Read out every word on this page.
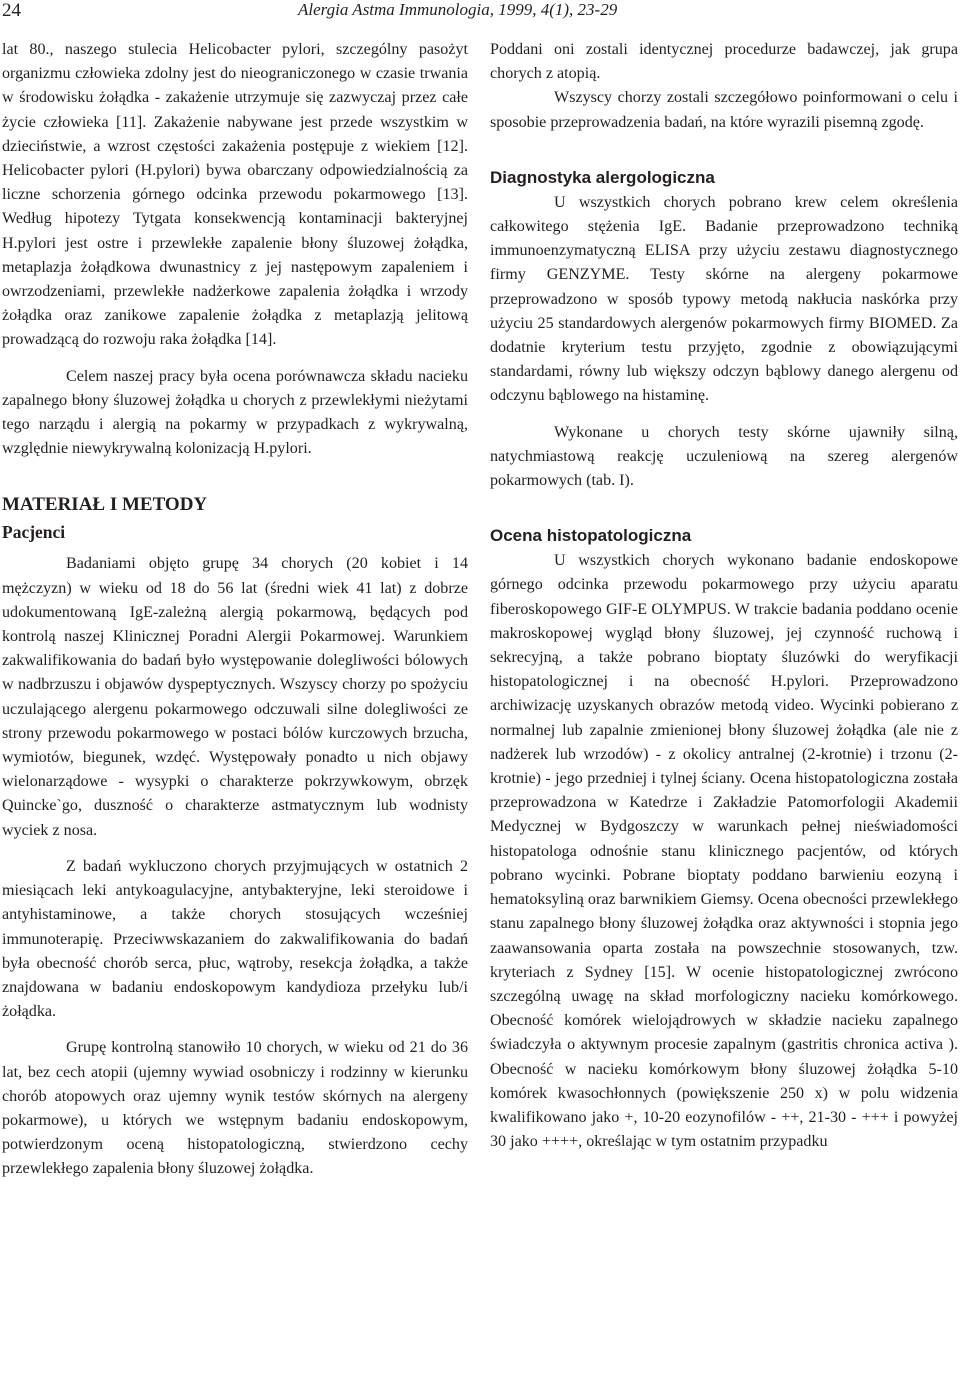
24	Alergia Astma Immunologia, 1999, 4(1), 23-29

lat 80., naszego stulecia Helicobacter pylori, szczególny pasożyt organizmu człowieka zdolny jest do nieograniczonego w czasie trwania w środowisku żołądka - zakażenie utrzymuje się zazwyczaj przez całe życie człowieka [11]. Zakażenie nabywane jest przede wszystkim w dzieciństwie, a wzrost częstości zakażenia postępuje z wiekiem [12]. Helicobacter pylori (H.pylori) bywa obarczany odpowiedzialnością za liczne schorzenia górnego odcinka przewodu pokarmowego [13]. Według hipotezy Tytgata konsekwencją kontaminacji bakteryjnej H.pylori jest ostre i przewlekłe zapalenie błony śluzowej żołądka, metaplazja żołądkowa dwunastnicy z jej następowym zapaleniem i owrzodzeniami, przewlekłe nadżerkowe zapalenia żołądka i wrzody żołądka oraz zanikowe zapalenie żołądka z metaplazją jelitową prowadzącą do rozwoju raka żołądka [14].

Celem naszej pracy była ocena porównawcza składu nacieku zapalnego błony śluzowej żołądka u chorych z przewlekłymi nieżytami tego narządu i alergią na pokarmy w przypadkach z wykrywalną, względnie niewykrywalną kolonizacją H.pylori.

MATERIAŁ I METODY
Pacjenci

Badaniami objęto grupę 34 chorych (20 kobiet i 14 mężczyzn) w wieku od 18 do 56 lat (średni wiek 41 lat) z dobrze udokumentowaną IgE-zależną alergią pokarmową, będących pod kontrolą naszej Klinicznej Poradni Alergii Pokarmowej. Warunkiem zakwalifikowania do badań było występowanie dolegliwości bólowych w nadbrzuszu i objawów dyspeptycznych. Wszyscy chorzy po spożyciu uczulającego alergenu pokarmowego odczuwali silne dolegliwości ze strony przewodu pokarmowego w postaci bólów kurczowych brzucha, wymiotów, biegunek, wzdęć. Występowały ponadto u nich objawy wielonarządowe - wysypki o charakterze pokrzywkowym, obrzęk Quincke`go, duszność o charakterze astmatycznym lub wodnisty wyciek z nosa.

Z badań wykluczono chorych przyjmujących w ostatnich 2 miesiącach leki antykoagulacyjne, antybakteryjne, leki steroidowe i antyhistaminowe, a także chorych stosujących wcześniej immunoterapię. Przeciwwskazaniem do zakwalifikowania do badań była obecność chorób serca, płuc, wątroby, resekcja żołądka, a także znajdowana w badaniu endoskopowym kandydioza przełyku lub/i żołądka.

Grupę kontrolną stanowiło 10 chorych, w wieku od 21 do 36 lat, bez cech atopii (ujemny wywiad osobniczy i rodzinny w kierunku chorób atopowych oraz ujemny wynik testów skórnych na alergeny pokarmowe), u których we wstępnym badaniu endoskopowym, potwierdzonym oceną histopatologiczną, stwierdzono cechy przewlekłego zapalenia błony śluzowej żołądka.

Poddani oni zostali identycznej procedurze badawczej, jak grupa chorych z atopią.

Wszyscy chorzy zostali szczegółowo poinformowani o celu i sposobie przeprowadzenia badań, na które wyrazili pisemną zgodę.

Diagnostyka alergologiczna

U wszystkich chorych pobrano krew celem określenia całkowitego stężenia IgE. Badanie przeprowadzono techniką immunoenzymatyczną ELISA przy użyciu zestawu diagnostycznego firmy GENZYME. Testy skórne na alergeny pokarmowe przeprowadzono w sposób typowy metodą nakłucia naskórka przy użyciu 25 standardowych alergenów pokarmowych firmy BIOMED. Za dodatnie kryterium testu przyjęto, zgodnie z obowiązującymi standardami, równy lub większy odczyn bąblowy danego alergenu od odczynu bąblowego na histaminę.

Wykonane u chorych testy skórne ujawniły silną, natychmiastową reakcję uczuleniową na szereg alergenów pokarmowych (tab. I).

Ocena histopatologiczna

U wszystkich chorych wykonano badanie endoskopowe górnego odcinka przewodu pokarmowego przy użyciu aparatu fiberoskopowego GIF-E OLYMPUS. W trakcie badania poddano ocenie makroskopowej wygląd błony śluzowej, jej czynność ruchową i sekrecyjną, a także pobrano bioptaty śluzówki do weryfikacji histopatologicznej i na obecność H.pylori. Przeprowadzono archiwizację uzyskanych obrazów metodą video. Wycinki pobierano z normalnej lub zapalnie zmienionej błony śluzowej żołądka (ale nie z nadżerek lub wrzodów) - z okolicy antralnej (2-krotnie) i trzonu (2-krotnie) - jego przedniej i tylnej ściany. Ocena histopatologiczna została przeprowadzona w Katedrze i Zakładzie Patomorfologii Akademii Medycznej w Bydgoszczy w warunkach pełnej nieświadomości histopatologa odnośnie stanu klinicznego pacjentów, od których pobrano wycinki. Pobrane bioptaty poddano barwieniu eozyną i hematoksyliną oraz barwnikiem Giemsy. Ocena obecności przewlekłego stanu zapalnego błony śluzowej żołądka oraz aktywności i stopnia jego zaawansowania oparta została na powszechnie stosowanych, tzw. kryteriach z Sydney [15]. W ocenie histopatologicznej zwrócono szczególną uwagę na skład morfologiczny nacieku komórkowego. Obecność komórek wielojądrowych w składzie nacieku zapalnego świadczyła o aktywnym procesie zapalnym (gastritis chronica activa ). Obecność w nacieku komórkowym błony śluzowej żołądka 5-10 komórek kwasochłonnych (powiększenie 250 x) w polu widzenia kwalifikowano jako +, 10-20 eozynofilów - ++, 21-30 - +++ i powyżej 30 jako ++++, określając w tym ostatnim przypadku
